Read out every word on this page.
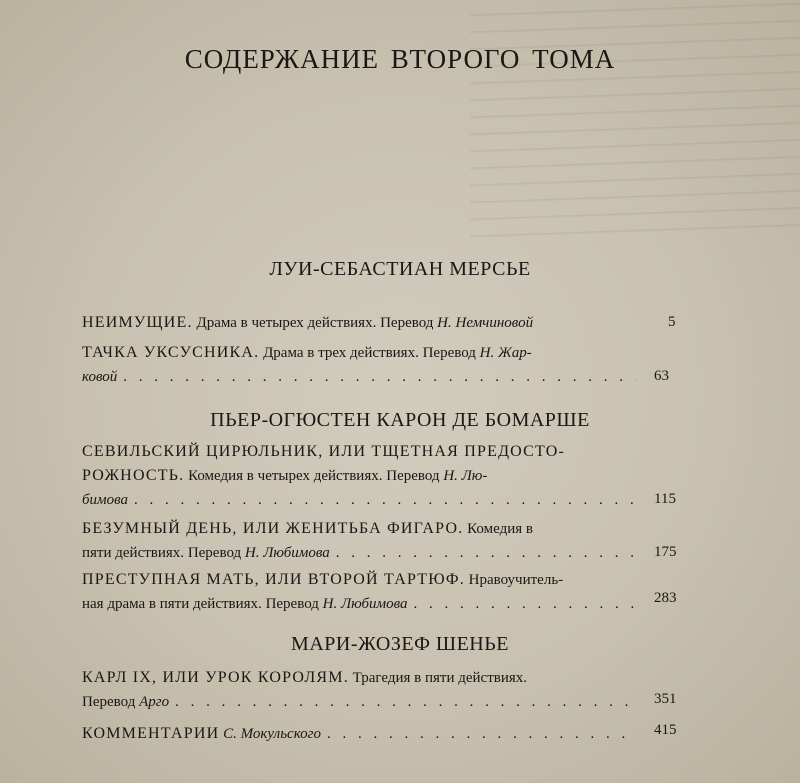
СОДЕРЖАНИЕ ВТОРОГО ТОМА
ЛУИ-СЕБАСТИАН МЕРСЬЕ
НЕИМУЩИЕ.
Драма в четырех действиях.
Перевод
Н. Немчиновой	5
ТАЧКА УКСУСНИКА.
Драма в трех действиях.
Перевод
Н. Жар-
ковой . . .	63
ПЬЕР-ОГЮСТЕН КАРОН ДЕ БОМАРШЕ
СЕВИЛЬСКИЙ ЦИРЮЛЬНИК, ИЛИ ТЩЕТНАЯ ПРЕДОСТО-
РОЖНОСТЬ.
Комедия в четырех действиях.
Перевод
Н. Лю-
бимова . . .	115
БЕЗУМНЫЙ ДЕНЬ, ИЛИ ЖЕНИТЬБА ФИГАРО.
Комедия в
пяти действиях.
Перевод
Н. Любимова . . .	175
ПРЕСТУПНАЯ МАТЬ, ИЛИ ВТОРОЙ ТАРТЮФ.
Нравоучитель-
ная драма в пяти действиях.
Перевод
Н. Любимова . . .	283
МАРИ-ЖОЗЕФ ШЕНЬЕ
КАРЛ IX, ИЛИ УРОК КОРОЛЯМ.
Трагедия в пяти действиях.
Перевод
Арго . . .	351
КОММЕНТАРИИ
С. Мокульского . . .	415
